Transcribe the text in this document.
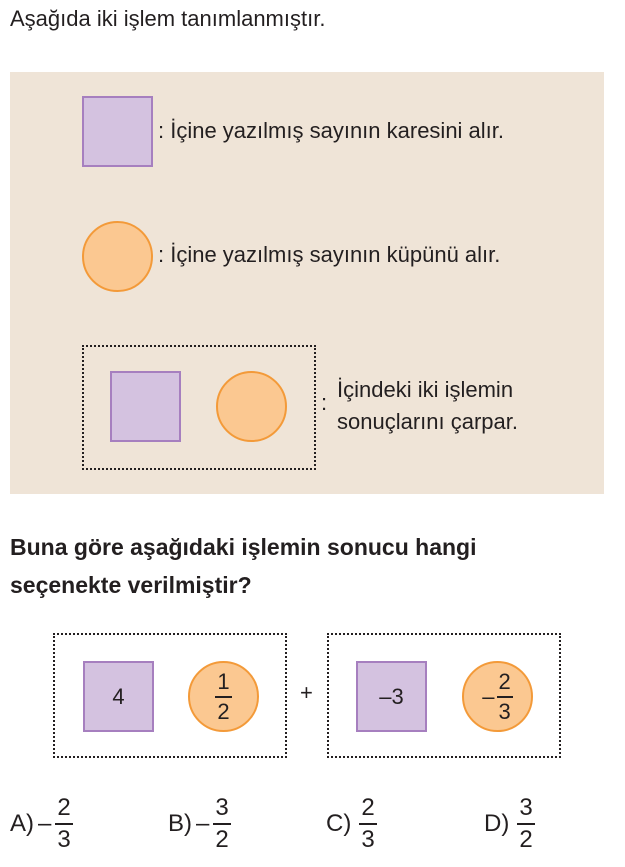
Aşağıda iki işlem tanımlanmıştır.
: İçine yazılmış sayının karesini alır.
: İçine yazılmış sayının küpünü alır.
:
İçindeki iki işlemin
sonuçlarını çarpar.
Buna göre aşağıdaki işlemin sonucu hangi
seçenekte verilmiştir?
4	$\frac{1}{2}$	+	–3	– $\frac{2}{3}$
$A) - \frac{2}{3}$	$B) - \frac{3}{2}$	$C) \frac{2}{3}$	$D) \frac{3}{2}$
